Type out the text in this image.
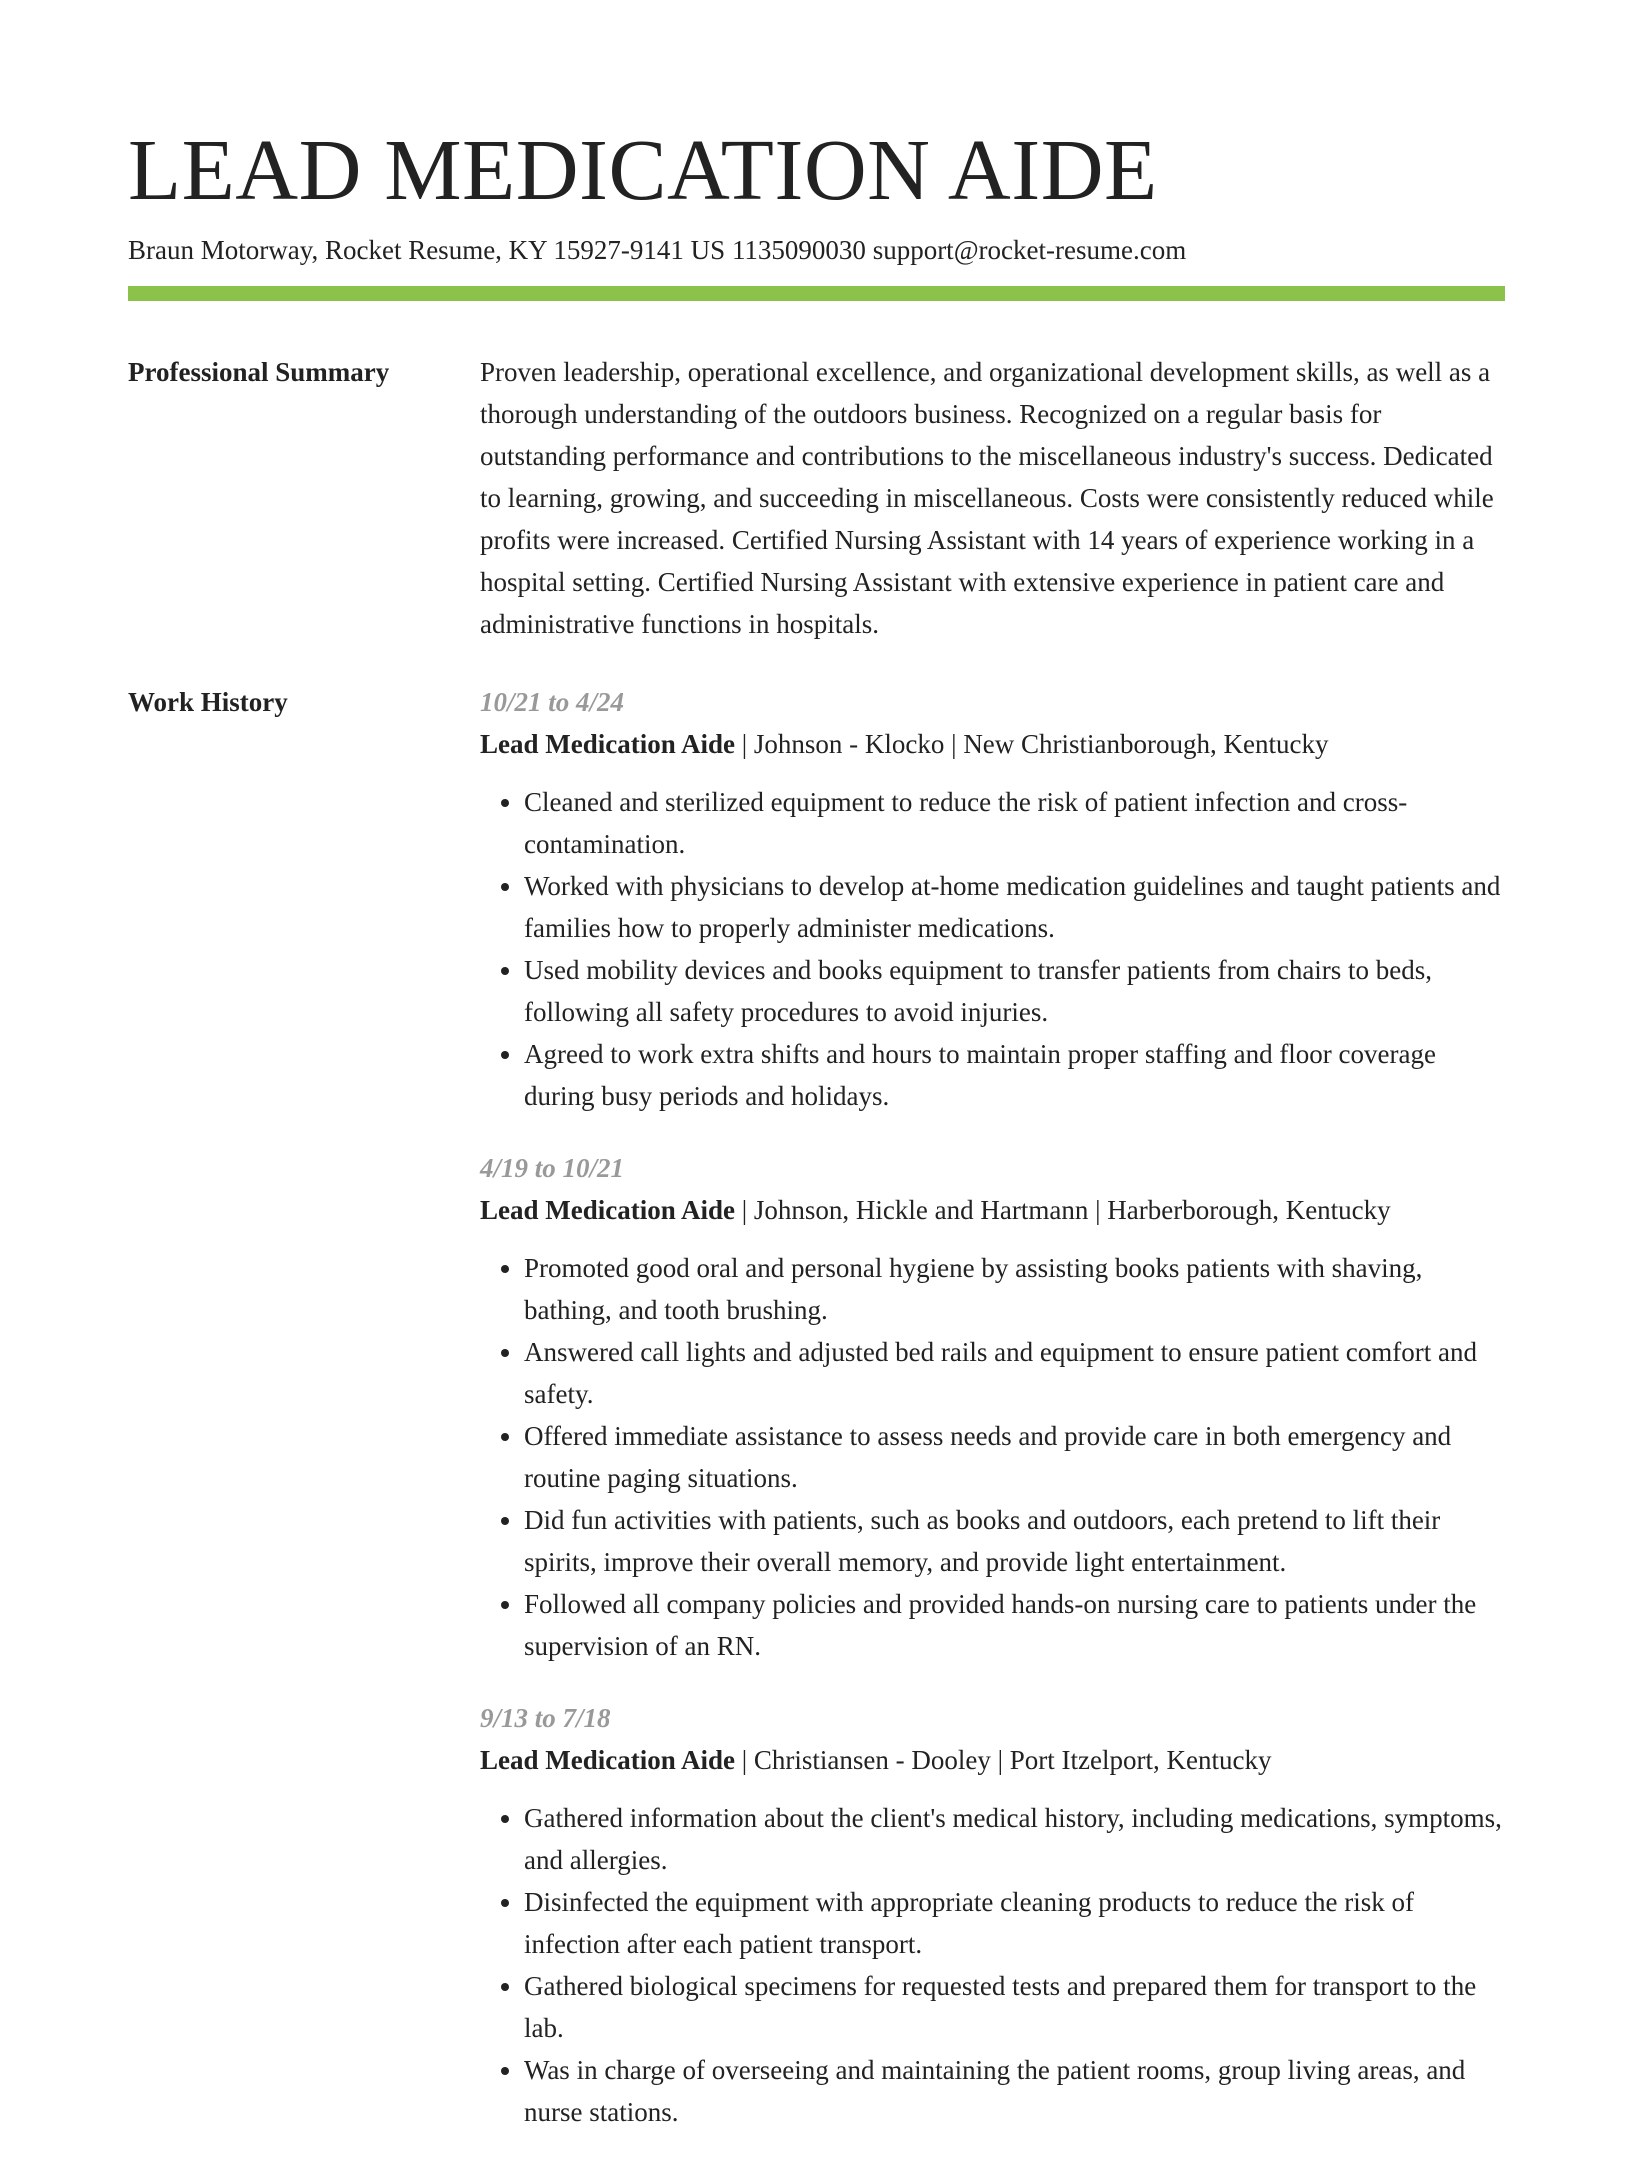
LEAD MEDICATION AIDE
Braun Motorway, Rocket Resume, KY 15927-9141 US 1135090030 support@rocket-resume.com
Professional Summary	Proven leadership, operational excellence, and organizational development skills, as well as a thorough understanding of the outdoors business. Recognized on a regular basis for outstanding performance and contributions to the miscellaneous industry's success. Dedicated to learning, growing, and succeeding in miscellaneous. Costs were consistently reduced while profits were increased. Certified Nursing Assistant with 14 years of experience working in a hospital setting. Certified Nursing Assistant with extensive experience in patient care and administrative functions in hospitals.

Work History	10/21 to 4/24
Lead Medication Aide | Johnson - Klocko | New Christianborough, Kentucky
• Cleaned and sterilized equipment to reduce the risk of patient infection and cross-contamination.
• Worked with physicians to develop at-home medication guidelines and taught patients and families how to properly administer medications.
• Used mobility devices and books equipment to transfer patients from chairs to beds, following all safety procedures to avoid injuries.
• Agreed to work extra shifts and hours to maintain proper staffing and floor coverage during busy periods and holidays.
4/19 to 10/21
Lead Medication Aide | Johnson, Hickle and Hartmann | Harberborough, Kentucky
• Promoted good oral and personal hygiene by assisting books patients with shaving, bathing, and tooth brushing.
• Answered call lights and adjusted bed rails and equipment to ensure patient comfort and safety.
• Offered immediate assistance to assess needs and provide care in both emergency and routine paging situations.
• Did fun activities with patients, such as books and outdoors, each pretend to lift their spirits, improve their overall memory, and provide light entertainment.
• Followed all company policies and provided hands-on nursing care to patients under the supervision of an RN.
9/13 to 7/18
Lead Medication Aide | Christiansen - Dooley | Port Itzelport, Kentucky
• Gathered information about the client's medical history, including medications, symptoms, and allergies.
• Disinfected the equipment with appropriate cleaning products to reduce the risk of infection after each patient transport.
• Gathered biological specimens for requested tests and prepared them for transport to the lab.
• Was in charge of overseeing and maintaining the patient rooms, group living areas, and nurse stations.
